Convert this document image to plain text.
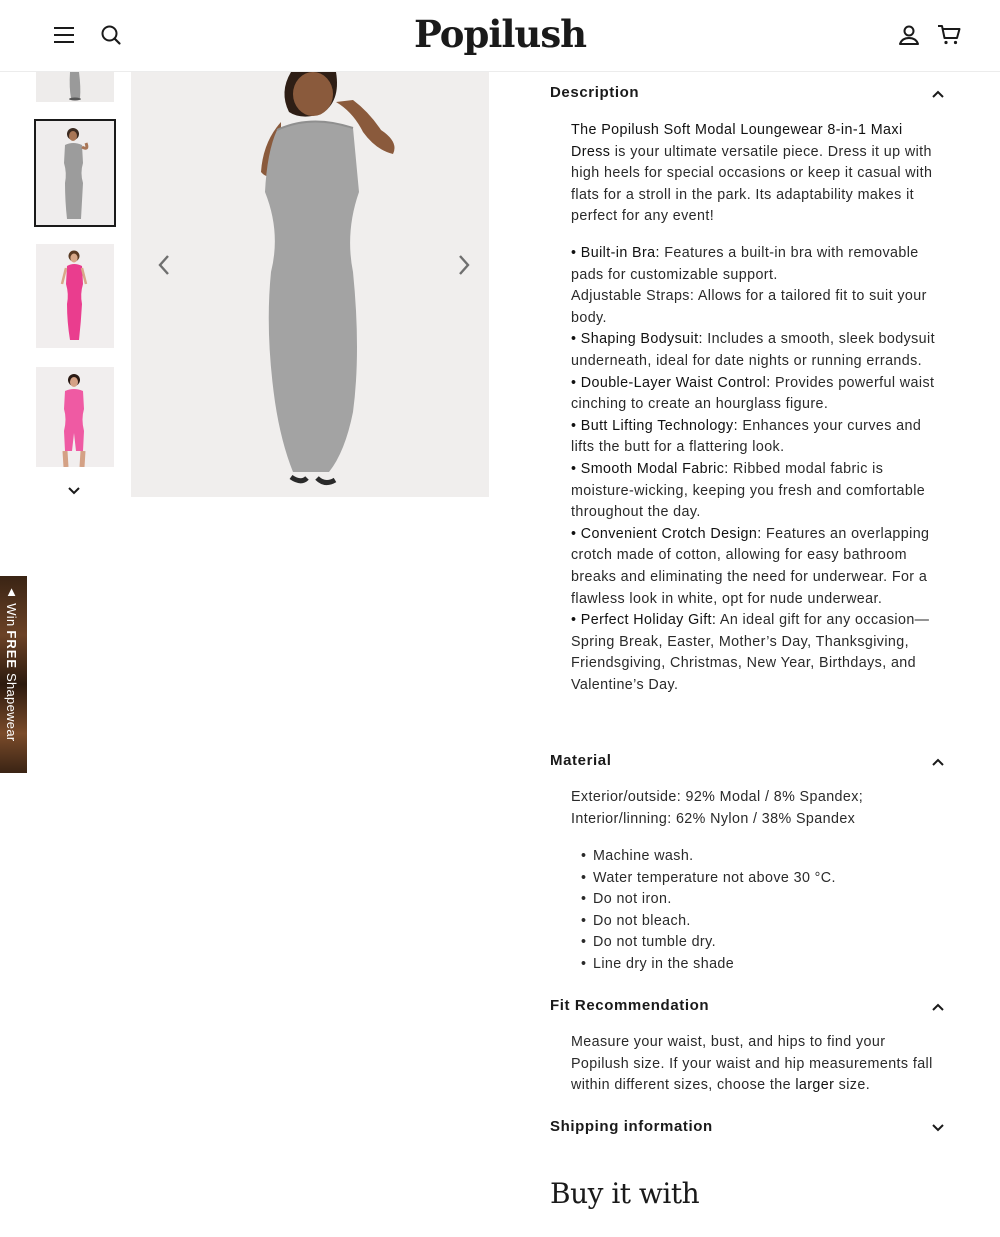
Popilush
▲ Win FREE Shapewear
Description
The Popilush Soft Modal Loungewear 8-in-1 Maxi Dress is your ultimate versatile piece. Dress it up with high heels for special occasions or keep it casual with flats for a stroll in the park. Its adaptability makes it perfect for any event!

• Built-in Bra: Features a built-in bra with removable pads for customizable support.

Adjustable Straps: Allows for a tailored fit to suit your body.

• Shaping Bodysuit: Includes a smooth, sleek bodysuit underneath, ideal for date nights or running errands.

• Double-Layer Waist Control: Provides powerful waist cinching to create an hourglass figure.

• Butt Lifting Technology: Enhances your curves and lifts the butt for a flattering look.

• Smooth Modal Fabric: Ribbed modal fabric is moisture-wicking, keeping you fresh and comfortable throughout the day.

• Convenient Crotch Design: Features an overlapping crotch made of cotton, allowing for easy bathroom breaks and eliminating the need for underwear. For a flawless look in white, opt for nude underwear.

• Perfect Holiday Gift: An ideal gift for any occasion—Spring Break, Easter, Mother’s Day, Thanksgiving, Friendsgiving, Christmas, New Year, Birthdays, and Valentine’s Day.

Material
Exterior/outside: 92% Modal / 8% Spandex;
Interior/linning: 62% Nylon / 38% Spandex
• Machine wash.
• Water temperature not above 30 °C.
• Do not iron.
• Do not bleach.
• Do not tumble dry.
• Line dry in the shade
Fit Recommendation
Measure your waist, bust, and hips to find your Popilush size. If your waist and hip measurements fall within different sizes, choose the larger size.
Shipping information
Buy it with
